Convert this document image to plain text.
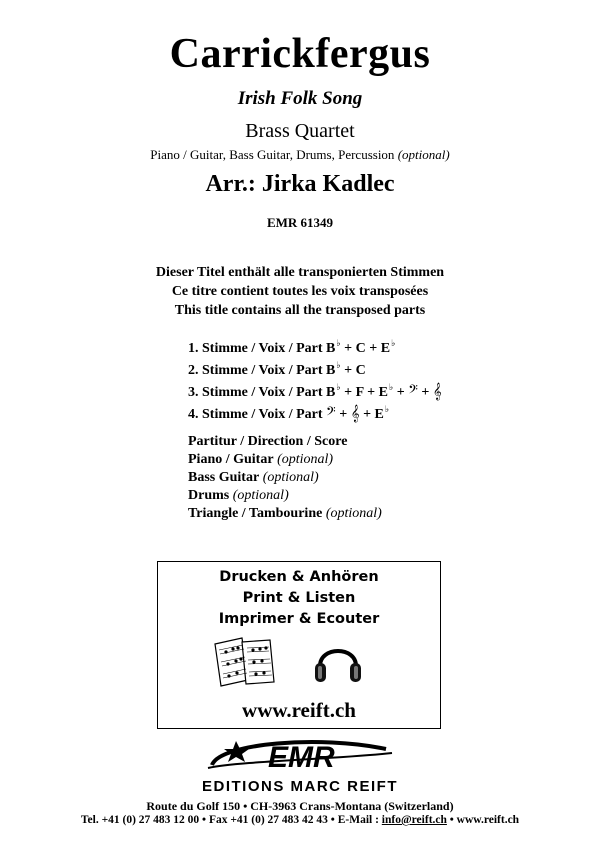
Carrickfergus
Irish Folk Song
Brass Quartet
Piano / Guitar, Bass Guitar, Drums, Percussion (optional)
Arr.: Jirka Kadlec
EMR 61349
Dieser Titel enthält alle transponierten Stimmen
Ce titre contient toutes les voix transposées
This title contains all the transposed parts
1. Stimme / Voix / Part B♭ + C + E♭
2. Stimme / Voix / Part B♭ + C
3. Stimme / Voix / Part B♭ + F + E♭ + 𝄢 + 𝄞
4. Stimme / Voix / Part 𝄢 + 𝄞 + E♭
Partitur / Direction / Score
Piano / Guitar (optional)
Bass Guitar (optional)
Drums (optional)
Triangle / Tambourine (optional)
Drucken & Anhören
Print & Listen
Imprimer & Ecouter
www.reift.ch
EMR
EDITIONS MARC REIFT
Route du Golf 150 • CH-3963 Crans-Montana (Switzerland)
Tel. +41 (0) 27 483 12 00 • Fax +41 (0) 27 483 42 43 • E-Mail : info@reift.ch • www.reift.ch
